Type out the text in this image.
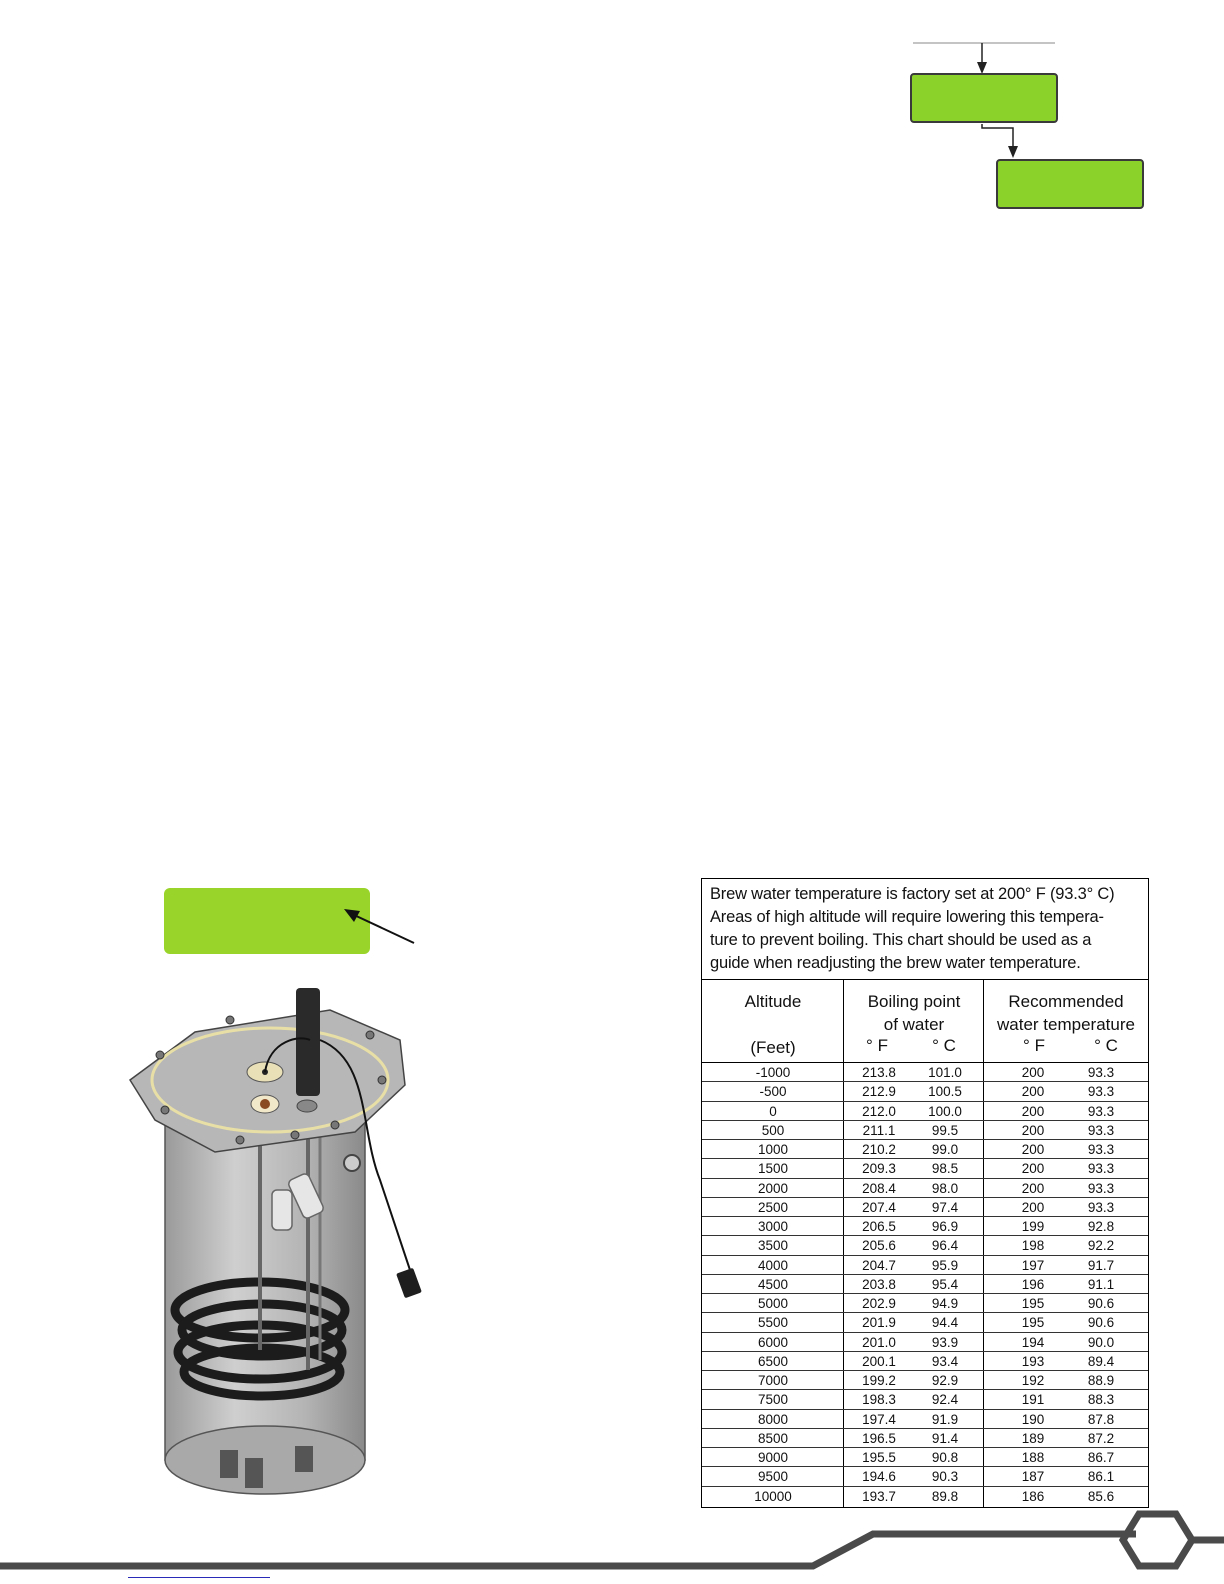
Brew water temperature is factory set at 200° F (93.3° C)
Areas of high altitude will require lowering this tempera-
ture to prevent boiling. This chart should be used as a
guide when readjusting the brew water temperature.
Altitude
(Feet)
Boiling point
of water
° F	° C
Recommended
water temperature
° F	° C
-1000	213.8	101.0	200	93.3
-500	212.9	100.5	200	93.3
0	212.0	100.0	200	93.3
500	211.1	99.5	200	93.3
1000	210.2	99.0	200	93.3
1500	209.3	98.5	200	93.3
2000	208.4	98.0	200	93.3
2500	207.4	97.4	200	93.3
3000	206.5	96.9	199	92.8
3500	205.6	96.4	198	92.2
4000	204.7	95.9	197	91.7
4500	203.8	95.4	196	91.1
5000	202.9	94.9	195	90.6
5500	201.9	94.4	195	90.6
6000	201.0	93.9	194	90.0
6500	200.1	93.4	193	89.4
7000	199.2	92.9	192	88.9
7500	198.3	92.4	191	88.3
8000	197.4	91.9	190	87.8
8500	196.5	91.4	189	87.2
9000	195.5	90.8	188	86.7
9500	194.6	90.3	187	86.1
10000	193.7	89.8	186	85.6
